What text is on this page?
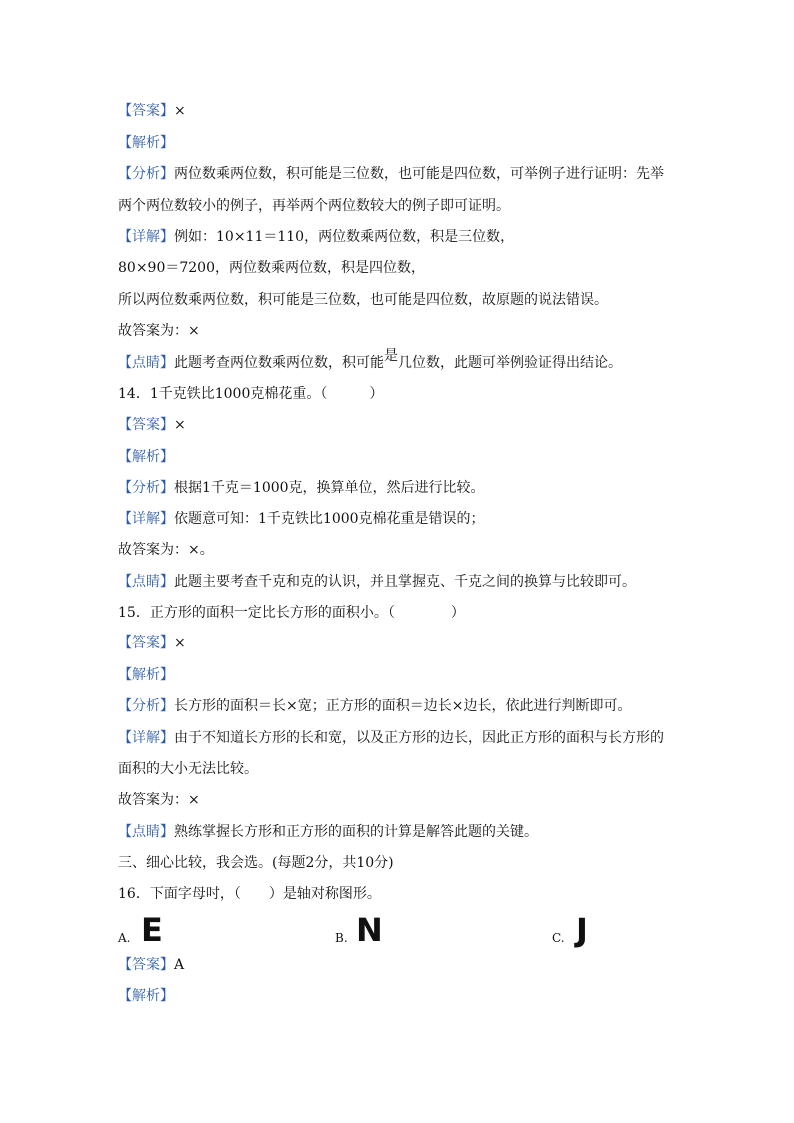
【答案】×
【解析】
【分析】两位数乘两位数，积可能是三位数，也可能是四位数，可举例子进行证明：先举
两个两位数较小的例子，再举两个两位数较大的例子即可证明。
【详解】例如：10×11＝110，两位数乘两位数，积是三位数，
80×90＝7200，两位数乘两位数，积是四位数，
所以两位数乘两位数，积可能是三位数，也可能是四位数，故原题的说法错误。
故答案为：×
【点睛】此题考查两位数乘两位数，积可能是几位数，此题可举例验证得出结论。
14．1千克铁比1000克棉花重。（　　　）
【答案】×
【解析】
【分析】根据1千克＝1000克，换算单位，然后进行比较。
【详解】依题意可知：1千克铁比1000克棉花重是错误的；
故答案为：×。
【点睛】此题主要考查千克和克的认识，并且掌握克、千克之间的换算与比较即可。
15．正方形的面积一定比长方形的面积小。（　　　　）
【答案】×
【解析】
【分析】长方形的面积＝长×宽；正方形的面积＝边长×边长，依此进行判断即可。
【详解】由于不知道长方形的长和宽，以及正方形的边长，因此正方形的面积与长方形的
面积的大小无法比较。
故答案为：×
【点睛】熟练掌握长方形和正方形的面积的计算是解答此题的关键。
三、细心比较，我会选。(每题2分，共10分)
16．下面字母吋，（　　）是轴对称图形。
A. E	B. N	C. J
【答案】A
【解析】
